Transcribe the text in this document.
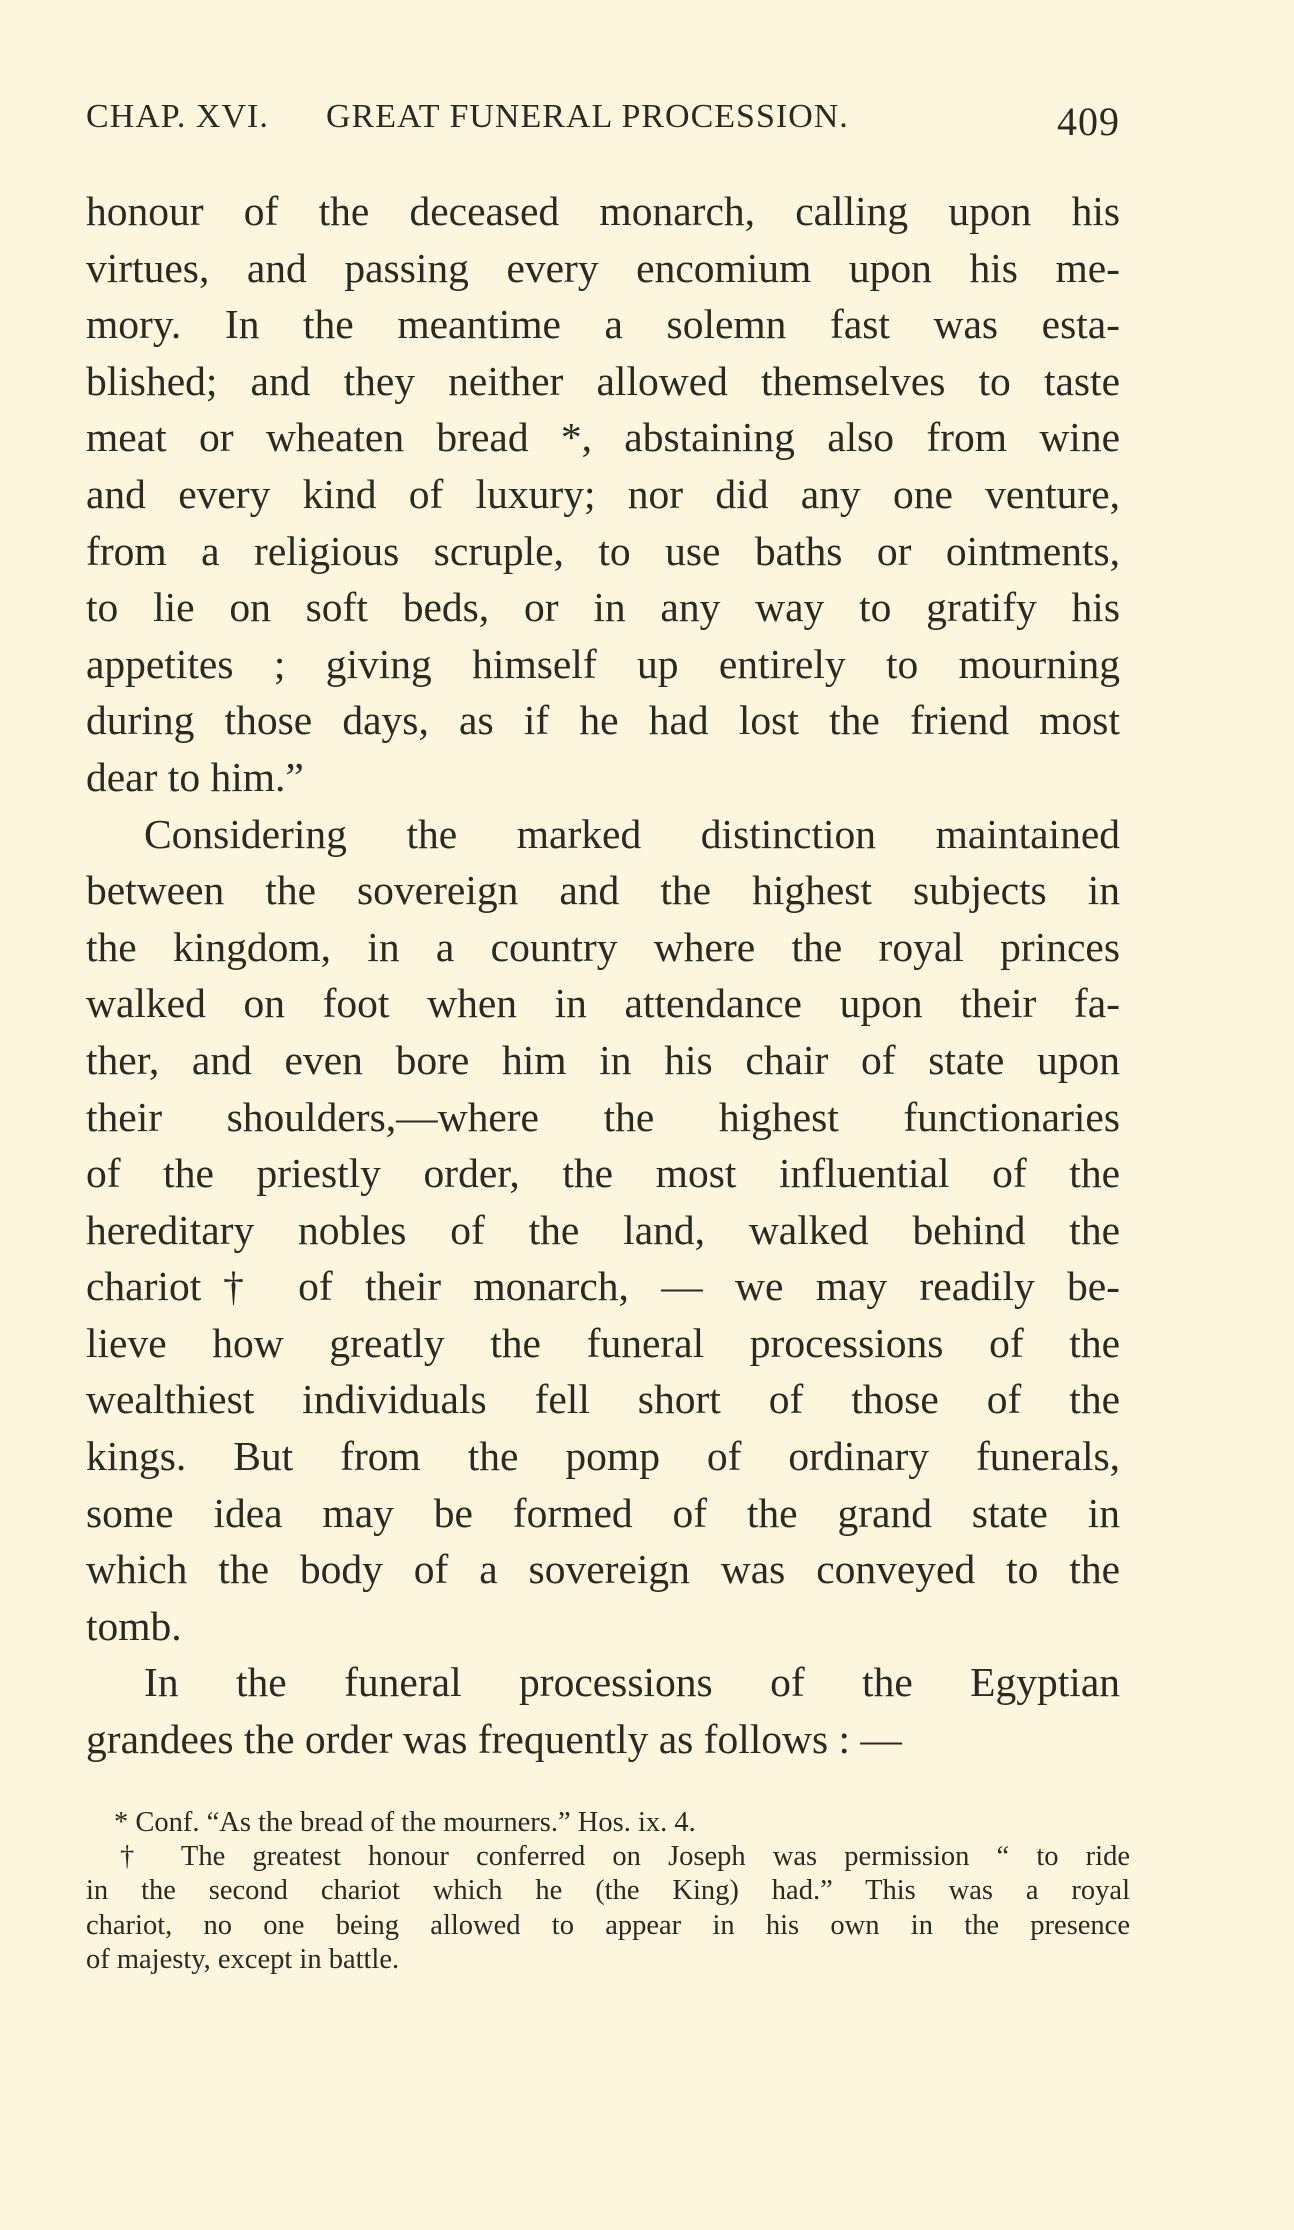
CHAP. XVI. GREAT FUNERAL PROCESSION.	409
honour of the deceased monarch, calling upon his
virtues, and passing every encomium upon his me-
mory. In the meantime a solemn fast was esta-
blished; and they neither allowed themselves to taste
meat or wheaten bread *, abstaining also from wine
and every kind of luxury; nor did any one venture,
from a religious scruple, to use baths or ointments,
to lie on soft beds, or in any way to gratify his
appetites ; giving himself up entirely to mourning
during those days, as if he had lost the friend most
dear to him.”
Considering the marked distinction maintained
between the sovereign and the highest subjects in
the kingdom, in a country where the royal princes
walked on foot when in attendance upon their fa-
ther, and even bore him in his chair of state upon
their shoulders,—where the highest functionaries
of the priestly order, the most influential of the
hereditary nobles of the land, walked behind the
chariot† of their monarch, — we may readily be-
lieve how greatly the funeral processions of the
wealthiest individuals fell short of those of the
kings. But from the pomp of ordinary funerals,
some idea may be formed of the grand state in
which the body of a sovereign was conveyed to the
tomb.
In the funeral processions of the Egyptian
grandees the order was frequently as follows : —
* Conf. “As the bread of the mourners.” Hos. ix. 4.
† The greatest honour conferred on Joseph was permission “ to ride
in the second chariot which he (the King) had.” This was a royal
chariot, no one being allowed to appear in his own in the presence
of majesty, except in battle.
